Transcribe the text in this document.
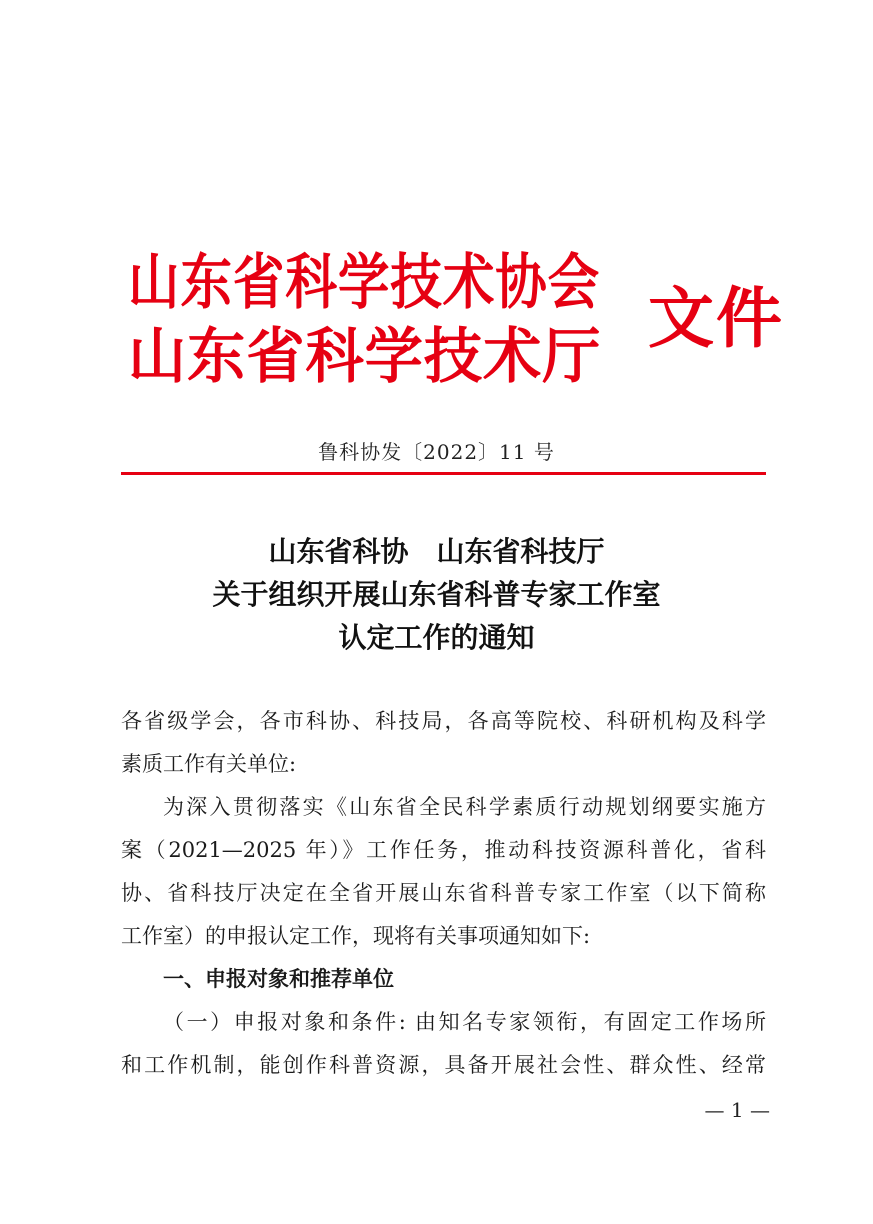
山东省科学技术协会
山东省科学技术厅 文件
鲁科协发〔2022〕11 号
山东省科协　山东省科技厅
关于组织开展山东省科普专家工作室
认定工作的通知
各省级学会，各市科协、科技局，各高等院校、科研机构及科学
素质工作有关单位:
为深入贯彻落实《山东省全民科学素质行动规划纲要实施方
案（2021—2025 年）》工作任务，推动科技资源科普化，省科
协、省科技厅决定在全省开展山东省科普专家工作室（以下简称
工作室）的申报认定工作，现将有关事项通知如下:
一、申报对象和推荐单位
（一）申报对象和条件: 由知名专家领衔，有固定工作场所
和工作机制，能创作科普资源，具备开展社会性、群众性、经常
— 1 —
